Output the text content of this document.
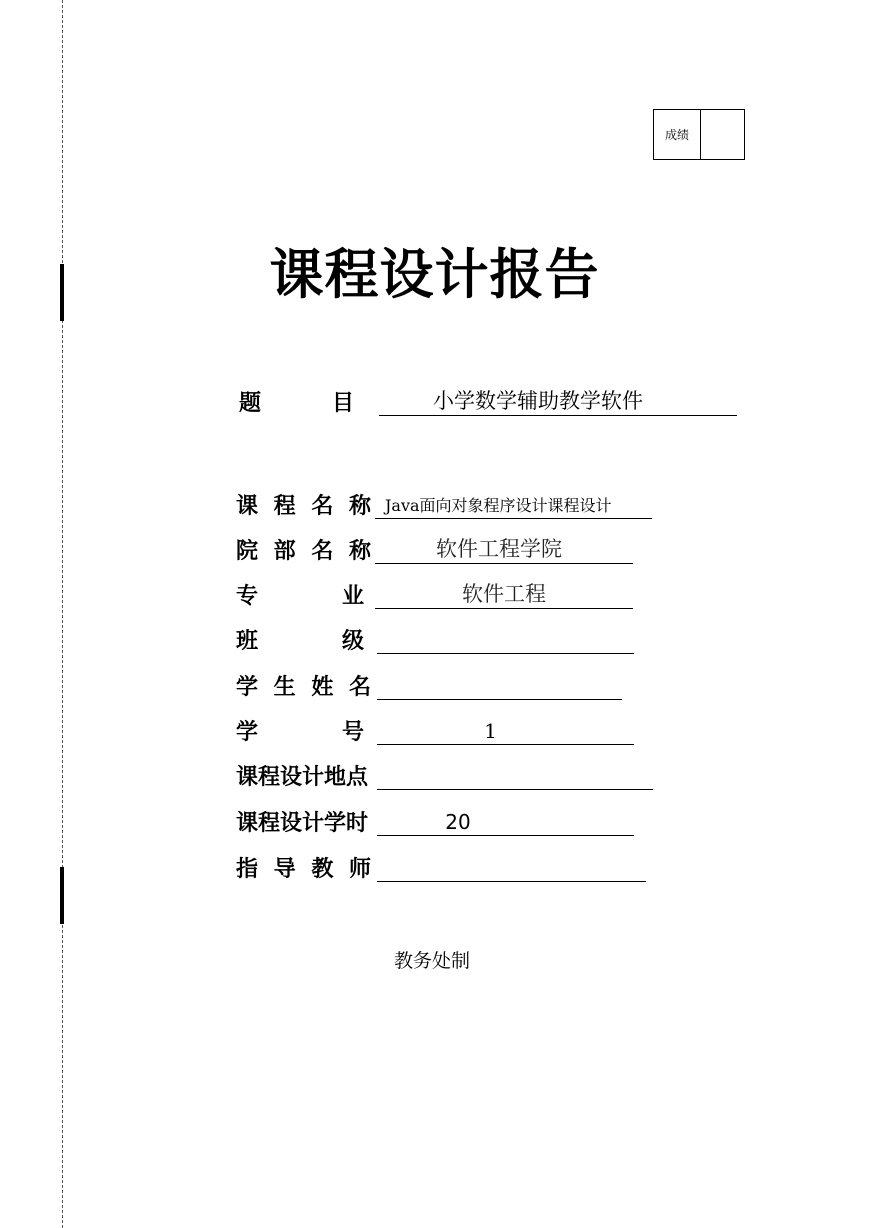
成绩
课程设计报告
题	目	小学数学辅助教学软件
课 程 名 称 Java面向对象程序设计课程设计
院 部 名 称	软件工程学院
专	业	软件工程
班	级
学 生 姓 名
学	号	1
课程设计地点
课程设计学时	20
指 导 教 师
教务处制
